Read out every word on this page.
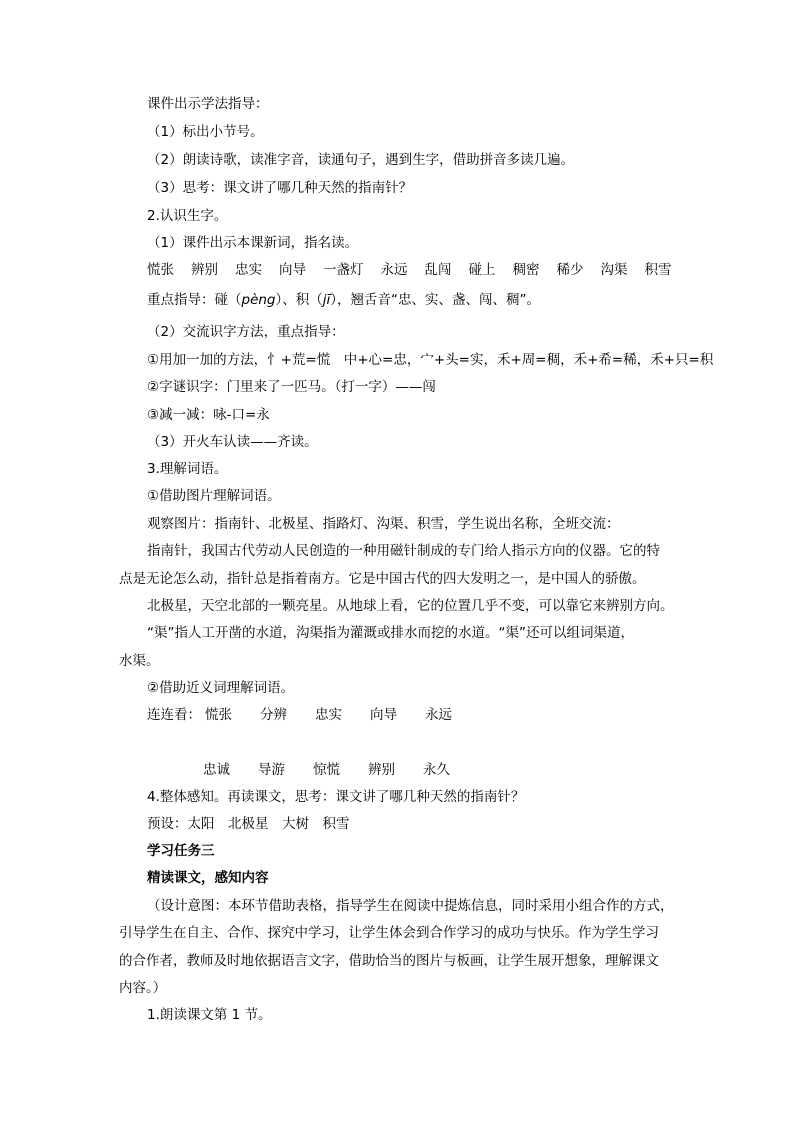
课件出示学法指导：
（1）标出小节号。
（2）朗读诗歌，读准字音，读通句子，遇到生字，借助拼音多读几遍。
（3）思考：课文讲了哪几种天然的指南针？
2.认识生字。
（1）课件出示本课新词，指名读。
慌张 辨别 忠实 向导 一盏灯 永远 乱闯 碰上 稠密 稀少 沟渠 积雪
重点指导：碰（pèng）、积（jī），翘舌音“忠、实、盏、闯、稠”。
（2）交流识字方法，重点指导：
①用加一加的方法，忄+荒=慌　中+心=忠，宀+头=实，禾+周=稠，禾+希=稀，禾+只=积
②字谜识字：门里来了一匹马。（打一字）——闯
③减一减：咏-口=永
（3）开火车认读——齐读。
3.理解词语。
①借助图片理解词语。
观察图片：指南针、北极星、指路灯、沟渠、积雪，学生说出名称，全班交流：
指南针，我国古代劳动人民创造的一种用磁针制成的专门给人指示方向的仪器。它的特
点是无论怎么动，指针总是指着南方。它是中国古代的四大发明之一，是中国人的骄傲。
北极星，天空北部的一颗亮星。从地球上看，它的位置几乎不变，可以靠它来辨别方向。
“渠”指人工开凿的水道，沟渠指为灌溉或排水而挖的水道。“渠”还可以组词渠道，
水渠。
②借助近义词理解词语。
连连看： 慌张 分辨 忠实 向导 永远
忠诚 导游 惊慌 辨别 永久
4.整体感知。再读课文，思考：课文讲了哪几种天然的指南针？
预设：太阳　北极星　大树　积雪
学习任务三
精读课文，感知内容
（设计意图：本环节借助表格，指导学生在阅读中提炼信息，同时采用小组合作的方式，
引导学生在自主、合作、探究中学习，让学生体会到合作学习的成功与快乐。作为学生学习
的合作者，教师及时地依据语言文字，借助恰当的图片与板画，让学生展开想象，理解课文
内容。）
1.朗读课文第 1 节。
